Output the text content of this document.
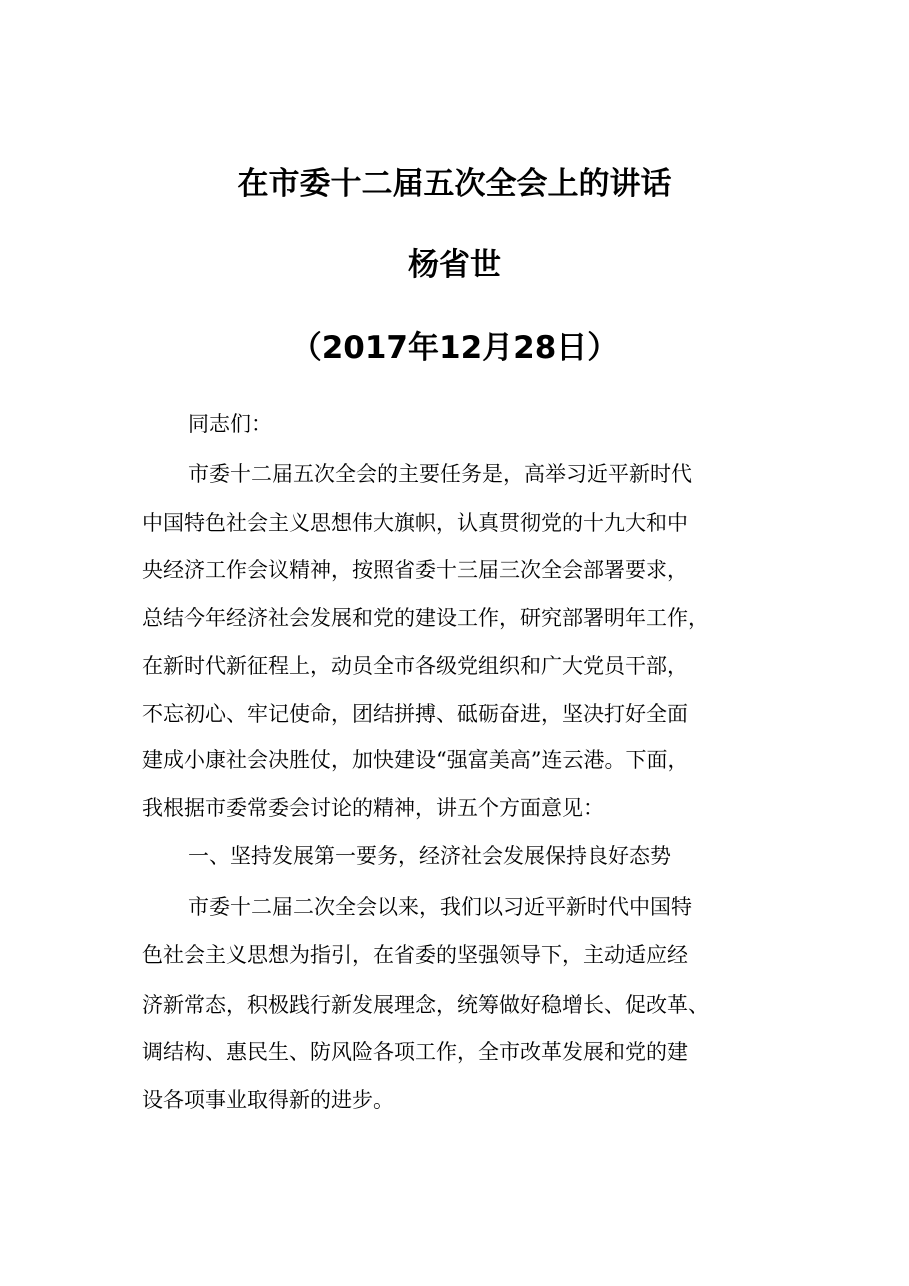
在市委十二届五次全会上的讲话
杨省世
（2017年12月28日）

同志们：

市委十二届五次全会的主要任务是，高举习近平新时代

中国特色社会主义思想伟大旗帜，认真贯彻党的十九大和中

央经济工作会议精神，按照省委十三届三次全会部署要求，

总结今年经济社会发展和党的建设工作，研究部署明年工作，

在新时代新征程上，动员全市各级党组织和广大党员干部，

不忘初心、牢记使命，团结拼搏、砥砺奋进，坚决打好全面

建成小康社会决胜仗，加快建设“强富美高”连云港。下面，

我根据市委常委会讨论的精神，讲五个方面意见：

一、坚持发展第一要务，经济社会发展保持良好态势

市委十二届二次全会以来，我们以习近平新时代中国特

色社会主义思想为指引，在省委的坚强领导下，主动适应经

济新常态，积极践行新发展理念，统筹做好稳增长、促改革、

调结构、惠民生、防风险各项工作，全市改革发展和党的建

设各项事业取得新的进步。
